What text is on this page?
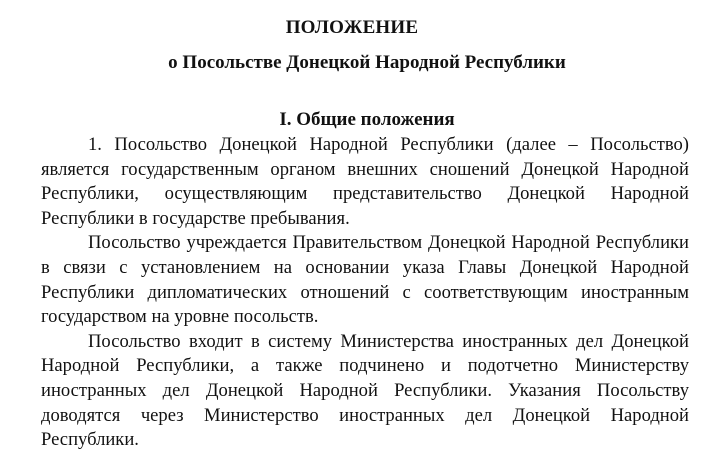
ПОЛОЖЕНИЕ
о Посольстве Донецкой Народной Республики
I. Общие положения

1. Посольство Донецкой Народной Республики (далее – Посольство) является государственным органом внешних сношений Донецкой Народной Республики, осуществляющим представительство Донецкой Народной Республики в государстве пребывания.

Посольство учреждается Правительством Донецкой Народной Республики в связи с установлением на основании указа Главы Донецкой Народной Республики дипломатических отношений с соответствующим иностранным государством на уровне посольств.

Посольство входит в систему Министерства иностранных дел Донецкой Народной Республики, а также подчинено и подотчетно Министерству иностранных дел Донецкой Народной Республики. Указания Посольству доводятся через Министерство иностранных дел Донецкой Народной Республики.
